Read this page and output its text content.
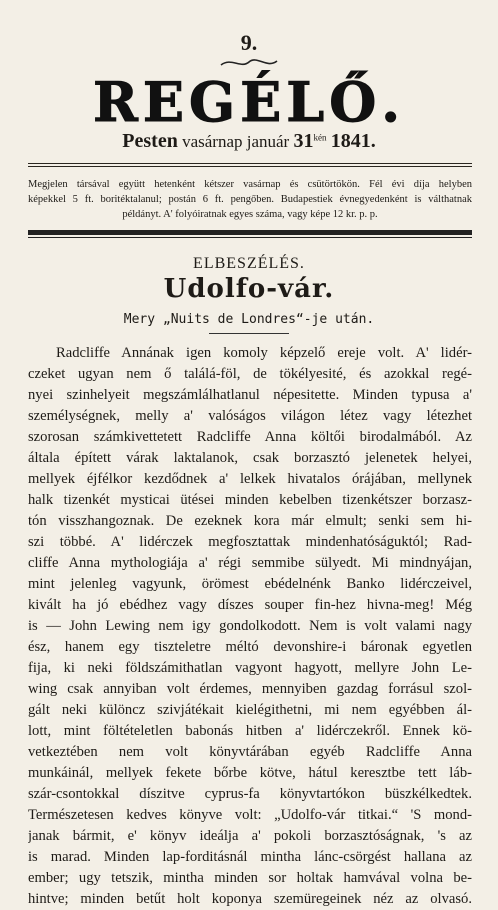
9.
REGÉLŐ.
Pesten vasárnap január $31^{kén}$ 1841.
Megjelen társával együtt hetenként kétszer vasárnap és csütörtökön. Fél évi díja helyben
képekkel 5 ft. boritéktalanul; postán 6 ft. pengőben. Budapestiek évnegyedenként is válthatnak
példányt. A' folyóiratnak egyes száma, vagy képe 12 kr. p. p.
ELBESZÉLÉS.
Udolfo-vár.
Mery „Nuits de Londres“-je után.
Radcliffe Annának igen komoly képzelő ereje volt. A' lidér-
czeket ugyan nem ő találá-föl, de tökélyesité, és azokkal regé-
nyei szinhelyeit megszámlálhatlanul népesitette. Minden typusa a'
személységnek, melly a' valóságos világon létez vagy létezhet
szorosan számkivettetett Radcliffe Anna költői birodalmából. Az
általa épített várak laktalanok, csak borzasztó jelenetek helyei,
mellyek éjfélkor kezdődnek a' lelkek hivatalos órájában, mellynek
halk tizenkét mysticai ütései minden kebelben tizenkétszer borzasz-
tón visszhangoznak. De ezeknek kora már elmult; senki sem hi-
szi többé. A' lidérczek megfosztattak mindenhatóságuktól; Rad-
cliffe Anna mythologiája a' régi semmibe sülyedt. Mi mindnyájan,
mint jelenleg vagyunk, örömest ebédelnénk Banko lidérczeivel,
kivált ha jó ebédhez vagy díszes souper fin-hez hivna-meg! Még
is — John Lewing nem igy gondolkodott. Nem is volt valami nagy
ész, hanem egy tiszteletre méltó devonshire-i báronak egyetlen
fija, ki neki földszámithatlan vagyont hagyott, mellyre John Le-
wing csak annyiban volt érdemes, mennyiben gazdag forrásul szol-
gált neki különcz szivjátékait kielégithetni, mi nem egyébben ál-
lott, mint föltételetlen babonás hitben a' lidérczekről. Ennek kö-
vetkeztében nem volt könyvtárában egyéb Radcliffe Anna
munkáinál, mellyek fekete bőrbe kötve, hátul keresztbe tett láb-
szár-csontokkal díszitve cyprus-fa könyvtartókon büszkélkedtek.
Természetesen kedves könyve volt: „Udolfo-vár titkai.“ 'S mond-
janak bármit, e' könyv ideálja a' pokoli borzasztóságnak, 's az
is marad. Minden lap-forditásnál mintha lánc-csörgést hallana az
ember; ugy tetszik, mintha minden sor holtak hamvával volna be-
hintve; minden betűt holt koponya szemüregeinek néz az olvasó.
